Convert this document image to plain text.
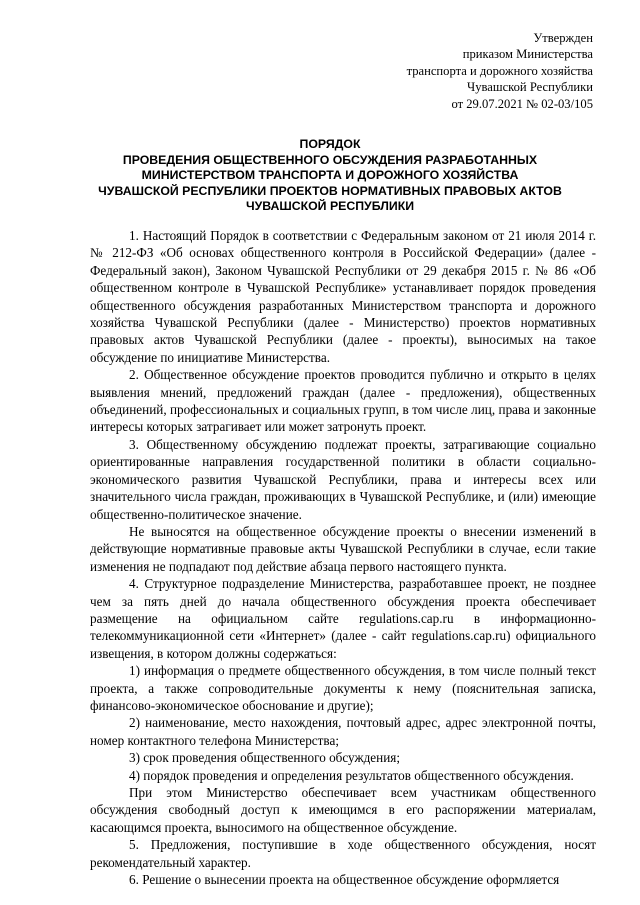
Утвержден
приказом Министерства
транспорта и дорожного хозяйства
Чувашской Республики
от 29.07.2021 № 02-03/105
ПОРЯДОК
ПРОВЕДЕНИЯ ОБЩЕСТВЕННОГО ОБСУЖДЕНИЯ РАЗРАБОТАННЫХ
МИНИСТЕРСТВОМ ТРАНСПОРТА И ДОРОЖНОГО ХОЗЯЙСТВА
ЧУВАШСКОЙ РЕСПУБЛИКИ ПРОЕКТОВ НОРМАТИВНЫХ ПРАВОВЫХ АКТОВ
ЧУВАШСКОЙ РЕСПУБЛИКИ

1. Настоящий Порядок в соответствии с Федеральным законом от 21 июля 2014 г. № 212-ФЗ «Об основах общественного контроля в Российской Федерации» (далее - Федеральный закон), Законом Чувашской Республики от 29 декабря 2015 г. № 86 «Об общественном контроле в Чувашской Республике» устанавливает порядок проведения общественного обсуждения разработанных Министерством транспорта и дорожного хозяйства Чувашской Республики (далее - Министерство) проектов нормативных правовых актов Чувашской Республики (далее - проекты), выносимых на такое обсуждение по инициативе Министерства.

2. Общественное обсуждение проектов проводится публично и открыто в целях выявления мнений, предложений граждан (далее - предложения), общественных объединений, профессиональных и социальных групп, в том числе лиц, права и законные интересы которых затрагивает или может затронуть проект.

3. Общественному обсуждению подлежат проекты, затрагивающие социально ориентированные направления государственной политики в области социально-экономического развития Чувашской Республики, права и интересы всех или значительного числа граждан, проживающих в Чувашской Республике, и (или) имеющие общественно-политическое значение.

Не выносятся на общественное обсуждение проекты о внесении изменений в действующие нормативные правовые акты Чувашской Республики в случае, если такие изменения не подпадают под действие абзаца первого настоящего пункта.

4. Структурное подразделение Министерства, разработавшее проект, не позднее чем за пять дней до начала общественного обсуждения проекта обеспечивает размещение на официальном сайте regulations.cap.ru в информационно-телекоммуникационной сети «Интернет» (далее - сайт regulations.cap.ru) официального извещения, в котором должны содержаться:

1) информация о предмете общественного обсуждения, в том числе полный текст проекта, а также сопроводительные документы к нему (пояснительная записка, финансово-экономическое обоснование и другие);

2) наименование, место нахождения, почтовый адрес, адрес электронной почты, номер контактного телефона Министерства;

3) срок проведения общественного обсуждения;

4) порядок проведения и определения результатов общественного обсуждения.

При этом Министерство обеспечивает всем участникам общественного обсуждения свободный доступ к имеющимся в его распоряжении материалам, касающимся проекта, выносимого на общественное обсуждение.

5. Предложения, поступившие в ходе общественного обсуждения, носят рекомендательный характер.

6. Решение о вынесении проекта на общественное обсуждение оформляется
